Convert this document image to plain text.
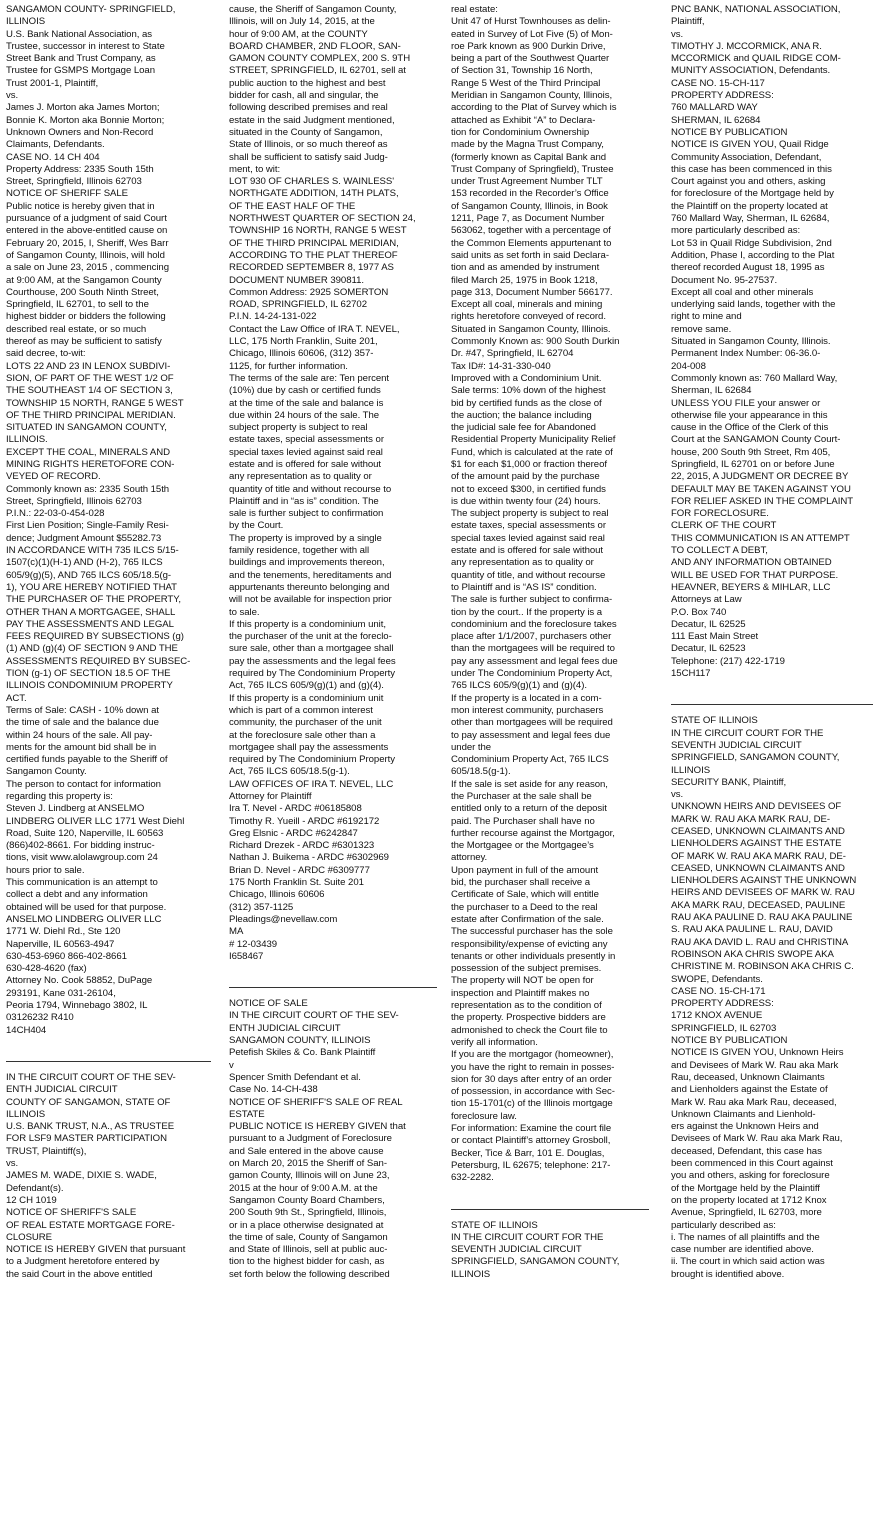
SANGAMON COUNTY- SPRINGFIELD,
ILLINOIS
U.S. Bank National Association, as
Trustee, successor in interest to State
Street Bank and Trust Company, as
Trustee for GSMPS Mortgage Loan
Trust 2001-1, Plaintiff,
vs.
James J. Morton aka James Morton;
Bonnie K. Morton aka Bonnie Morton;
Unknown Owners and Non-Record
Claimants, Defendants.
CASE NO. 14 CH 404
Property Address: 2335 South 15th
Street, Springfield, Illinois 62703
NOTICE OF SHERIFF SALE
Public notice is hereby given that in
pursuance of a judgment of said Court
entered in the above-entitled cause on
February 20, 2015, I, Sheriff, Wes Barr
of Sangamon County, Illinois, will hold
a sale on June 23, 2015 , commencing
at 9:00 AM, at the Sangamon County
Courthouse, 200 South Ninth Street,
Springfield, IL 62701, to sell to the
highest bidder or bidders the following
described real estate, or so much
thereof as may be sufficient to satisfy
said decree, to-wit:
LOTS 22 AND 23 IN LENOX SUBDIVI-
SION, OF PART OF THE WEST 1/2 OF
THE SOUTHEAST 1/4 OF SECTION 3,
TOWNSHIP 15 NORTH, RANGE 5 WEST
OF THE THIRD PRINCIPAL MERIDIAN.
SITUATED IN SANGAMON COUNTY,
ILLINOIS.
EXCEPT THE COAL, MINERALS AND
MINING RIGHTS HERETOFORE CON-
VEYED OF RECORD.
Commonly known as: 2335 South 15th
Street, Springfield, Illinois 62703
P.I.N.: 22-03-0-454-028
First Lien Position; Single-Family Resi-
dence; Judgment Amount $55282.73
IN ACCORDANCE WITH 735 ILCS 5/15-
1507(c)(1)(H-1) AND (H-2), 765 ILCS
605/9(g)(5), AND 765 ILCS 605/18.5(g-
1), YOU ARE HEREBY NOTIFIED THAT
THE PURCHASER OF THE PROPERTY,
OTHER THAN A MORTGAGEE, SHALL
PAY THE ASSESSMENTS AND LEGAL
FEES REQUIRED BY SUBSECTIONS (g)
(1) AND (g)(4) OF SECTION 9 AND THE
ASSESSMENTS REQUIRED BY SUBSEC-
TION (g-1) OF SECTION 18.5 OF THE
ILLINOIS CONDOMINIUM PROPERTY
ACT.
Terms of Sale: CASH - 10% down at
the time of sale and the balance due
within 24 hours of the sale. All pay-
ments for the amount bid shall be in
certified funds payable to the Sheriff of
Sangamon County.
The person to contact for information
regarding this property is:
Steven J. Lindberg at ANSELMO
LINDBERG OLIVER LLC 1771 West Diehl
Road, Suite 120, Naperville, IL 60563
(866)402-8661. For bidding instruc-
tions, visit www.alolawgroup.com 24
hours prior to sale.
This communication is an attempt to
collect a debt and any information
obtained will be used for that purpose.
ANSELMO LINDBERG OLIVER LLC
1771 W. Diehl Rd., Ste 120
Naperville, IL 60563-4947
630-453-6960 866-402-8661
630-428-4620 (fax)
Attorney No. Cook 58852, DuPage
293191, Kane 031-26104,
Peoria 1794, Winnebago 3802, IL
03126232 R410
14CH404
IN THE CIRCUIT COURT OF THE SEV-
ENTH JUDICIAL CIRCUIT
COUNTY OF SANGAMON, STATE OF
ILLINOIS
U.S. BANK TRUST, N.A., AS TRUSTEE
FOR LSF9 MASTER PARTICIPATION
TRUST, Plaintiff(s),
vs.
JAMES M. WADE, DIXIE S. WADE,
Defendant(s).
12 CH 1019
NOTICE OF SHERIFF'S SALE
OF REAL ESTATE MORTGAGE FORE-
CLOSURE
NOTICE IS HEREBY GIVEN that pursuant
to a Judgment heretofore entered by
the said Court in the above entitled
cause, the Sheriff of Sangamon County,
Illinois, will on July 14, 2015, at the
hour of 9:00 AM, at the COUNTY
BOARD CHAMBER, 2ND FLOOR, SAN-
GAMON COUNTY COMPLEX, 200 S. 9TH
STREET, SPRINGFIELD, IL 62701, sell at
public auction to the highest and best
bidder for cash, all and singular, the
following described premises and real
estate in the said Judgment mentioned,
situated in the County of Sangamon,
State of Illinois, or so much thereof as
shall be sufficient to satisfy said Judg-
ment, to wit:
LOT 930 OF CHARLES S. WAINLESS'
NORTHGATE ADDITION, 14TH PLATS,
OF THE EAST HALF OF THE
NORTHWEST QUARTER OF SECTION 24,
TOWNSHIP 16 NORTH, RANGE 5 WEST
OF THE THIRD PRINCIPAL MERIDIAN,
ACCORDING TO THE PLAT THEREOF
RECORDED SEPTEMBER 8, 1977 AS
DOCUMENT NUMBER 390811.
Common Address: 2925 SOMERTON
ROAD, SPRINGFIELD, IL 62702
P.I.N. 14-24-131-022
Contact the Law Office of IRA T. NEVEL,
LLC, 175 North Franklin, Suite 201,
Chicago, Illinois 60606, (312) 357-
1125, for further information.
The terms of the sale are: Ten percent
(10%) due by cash or certified funds
at the time of the sale and balance is
due within 24 hours of the sale. The
subject property is subject to real
estate taxes, special assessments or
special taxes levied against said real
estate and is offered for sale without
any representation as to quality or
quantity of title and without recourse to
Plaintiff and in “as is” condition. The
sale is further subject to confirmation
by the Court.
The property is improved by a single
family residence, together with all
buildings and improvements thereon,
and the tenements, hereditaments and
appurtenants thereunto belonging and
will not be available for inspection prior
to sale.
If this property is a condominium unit,
the purchaser of the unit at the foreclo-
sure sale, other than a mortgagee shall
pay the assessments and the legal fees
required by The Condominium Property
Act, 765 ILCS 605/9(g)(1) and (g)(4).
If this property is a condominium unit
which is part of a common interest
community, the purchaser of the unit
at the foreclosure sale other than a
mortgagee shall pay the assessments
required by The Condominium Property
Act, 765 ILCS 605/18.5(g-1).
LAW OFFICES OF IRA T. NEVEL, LLC
Attorney for Plaintiff
Ira T. Nevel - ARDC #06185808
Timothy R. Yueill - ARDC #6192172
Greg Elsnic - ARDC #6242847
Richard Drezek - ARDC #6301323
Nathan J. Buikema - ARDC #6302969
Brian D. Nevel - ARDC #6309777
175 North Franklin St. Suite 201
Chicago, Illinois 60606
(312) 357-1125
Pleadings@nevellaw.com
MA
# 12-03439
I658467
NOTICE OF SALE
IN THE CIRCUIT COURT OF THE SEV-
ENTH JUDICIAL CIRCUIT
SANGAMON COUNTY, ILLINOIS
Petefish Skiles & Co. Bank Plaintiff
v
Spencer Smith Defendant et al.
Case No. 14-CH-438
NOTICE OF SHERIFF'S SALE OF REAL
ESTATE
PUBLIC NOTICE IS HEREBY GIVEN that
pursuant to a Judgment of Foreclosure
and Sale entered in the above cause
on March 20, 2015 the Sheriff of San-
gamon County, Illinois will on June 23,
2015 at the hour of 9:00 A.M. at the
Sangamon County Board Chambers,
200 South 9th St., Springfield, Illinois,
or in a place otherwise designated at
the time of sale, County of Sangamon
and State of Illinois, sell at public auc-
tion to the highest bidder for cash, as
set forth below the following described
real estate:
Unit 47 of Hurst Townhouses as delin-
eated in Survey of Lot Five (5) of Mon-
roe Park known as 900 Durkin Drive,
being a part of the Southwest Quarter
of Section 31, Township 16 North,
Range 5 West of the Third Principal
Meridian in Sangamon County, Illinois,
according to the Plat of Survey which is
attached as Exhibit “A” to Declara-
tion for Condominium Ownership
made by the Magna Trust Company,
(formerly known as Capital Bank and
Trust Company of Springfield), Trustee
under Trust Agreement Number TLT
153 recorded in the Recorder’s Office
of Sangamon County, Illinois, in Book
1211, Page 7, as Document Number
563062, together with a percentage of
the Common Elements appurtenant to
said units as set forth in said Declara-
tion and as amended by instrument
filed March 25, 1975 in Book 1218,
page 313, Document Number 566177.
Except all coal, minerals and mining
rights heretofore conveyed of record.
Situated in Sangamon County, Illinois.
Commonly Known as: 900 South Durkin
Dr. #47, Springfield, IL 62704
Tax ID#: 14-31-330-040
Improved with a Condominium Unit.
Sale terms: 10% down of the highest
bid by certified funds as the close of
the auction; the balance including
the judicial sale fee for Abandoned
Residential Property Municipality Relief
Fund, which is calculated at the rate of
$1 for each $1,000 or fraction thereof
of the amount paid by the purchase
not to exceed $300, in certified funds
is due within twenty four (24) hours.
The subject property is subject to real
estate taxes, special assessments or
special taxes levied against said real
estate and is offered for sale without
any representation as to quality or
quantity of title, and without recourse
to Plaintiff and is “AS IS” condition.
The sale is further subject to confirma-
tion by the court.. If the property is a
condominium and the foreclosure takes
place after 1/1/2007, purchasers other
than the mortgagees will be required to
pay any assessment and legal fees due
under The Condominium Property Act,
765 ILCS 605/9(g)(1) and (g)(4).
If the property is a located in a com-
mon interest community, purchasers
other than mortgagees will be required
to pay assessment and legal fees due
under the
Condominium Property Act, 765 ILCS
605/18.5(g-1).
If the sale is set aside for any reason,
the Purchaser at the sale shall be
entitled only to a return of the deposit
paid. The Purchaser shall have no
further recourse against the Mortgagor,
the Mortgagee or the Mortgagee’s
attorney.
Upon payment in full of the amount
bid, the purchaser shall receive a
Certificate of Sale, which will entitle
the purchaser to a Deed to the real
estate after Confirmation of the sale.
The successful purchaser has the sole
responsibility/expense of evicting any
tenants or other individuals presently in
possession of the subject premises.
The property will NOT be open for
inspection and Plaintiff makes no
representation as to the condition of
the property. Prospective bidders are
admonished to check the Court file to
verify all information.
If you are the mortgagor (homeowner),
you have the right to remain in posses-
sion for 30 days after entry of an order
of possession, in accordance with Sec-
tion 15-1701(c) of the Illinois mortgage
foreclosure law.
For information: Examine the court file
or contact Plaintiff’s attorney Grosboll,
Becker, Tice & Barr, 101 E. Douglas,
Petersburg, IL 62675; telephone: 217-
632-2282.
STATE OF ILLINOIS
IN THE CIRCUIT COURT FOR THE
SEVENTH JUDICIAL CIRCUIT
SPRINGFIELD, SANGAMON COUNTY,
ILLINOIS
PNC BANK, NATIONAL ASSOCIATION,
Plaintiff,
vs.
TIMOTHY J. MCCORMICK, ANA R.
MCCORMICK and QUAIL RIDGE COM-
MUNITY ASSOCIATION, Defendants.
CASE NO. 15-CH-117
PROPERTY ADDRESS:
760 MALLARD WAY
SHERMAN, IL 62684
NOTICE BY PUBLICATION
NOTICE IS GIVEN YOU, Quail Ridge
Community Association, Defendant,
this case has been commenced in this
Court against you and others, asking
for foreclosure of the Mortgage held by
the Plaintiff on the property located at
760 Mallard Way, Sherman, IL 62684,
more particularly described as:
Lot 53 in Quail Ridge Subdivision, 2nd
Addition, Phase I, according to the Plat
thereof recorded August 18, 1995 as
Document No. 95-27537.
Except all coal and other minerals
underlying said lands, together with the
right to mine and
remove same.
Situated in Sangamon County, Illinois.
Permanent Index Number: 06-36.0-
204-008
Commonly known as: 760 Mallard Way,
Sherman, IL 62684
UNLESS YOU FILE your answer or
otherwise file your appearance in this
cause in the Office of the Clerk of this
Court at the SANGAMON County Court-
house, 200 South 9th Street, Rm 405,
Springfield, IL 62701 on or before June
22, 2015, A JUDGMENT OR DECREE BY
DEFAULT MAY BE TAKEN AGAINST YOU
FOR RELIEF ASKED IN THE COMPLAINT
FOR FORECLOSURE.
CLERK OF THE COURT
THIS COMMUNICATION IS AN ATTEMPT
TO COLLECT A DEBT,
AND ANY INFORMATION OBTAINED
WILL BE USED FOR THAT PURPOSE.
HEAVNER, BEYERS & MIHLAR, LLC
Attorneys at Law
P.O. Box 740
Decatur, IL 62525
111 East Main Street
Decatur, IL 62523
Telephone: (217) 422-1719
15CH117
STATE OF ILLINOIS
IN THE CIRCUIT COURT FOR THE
SEVENTH JUDICIAL CIRCUIT
SPRINGFIELD, SANGAMON COUNTY,
ILLINOIS
SECURITY BANK, Plaintiff,
vs.
UNKNOWN HEIRS AND DEVISEES OF
MARK W. RAU AKA MARK RAU, DE-
CEASED, UNKNOWN CLAIMANTS AND
LIENHOLDERS AGAINST THE ESTATE
OF MARK W. RAU AKA MARK RAU, DE-
CEASED, UNKNOWN CLAIMANTS AND
LIENHOLDERS AGAINST THE UNKNOWN
HEIRS AND DEVISEES OF MARK W. RAU
AKA MARK RAU, DECEASED, PAULINE
RAU AKA PAULINE D. RAU AKA PAULINE
S. RAU AKA PAULINE L. RAU, DAVID
RAU AKA DAVID L. RAU and CHRISTINA
ROBINSON AKA CHRIS SWOPE AKA
CHRISTINE M. ROBINSON AKA CHRIS C.
SWOPE, Defendants.
CASE NO. 15-CH-171
PROPERTY ADDRESS:
1712 KNOX AVENUE
SPRINGFIELD, IL 62703
NOTICE BY PUBLICATION
NOTICE IS GIVEN YOU, Unknown Heirs
and Devisees of Mark W. Rau aka Mark
Rau, deceased, Unknown Claimants
and Lienholders against the Estate of
Mark W. Rau aka Mark Rau, deceased,
Unknown Claimants and Lienhold-
ers against the Unknown Heirs and
Devisees of Mark W. Rau aka Mark Rau,
deceased, Defendant, this case has
been commenced in this Court against
you and others, asking for foreclosure
of the Mortgage held by the Plaintiff
on the property located at 1712 Knox
Avenue, Springfield, IL 62703, more
particularly described as:
i. The names of all plaintiffs and the
case number are identified above.
ii. The court in which said action was
brought is identified above.
